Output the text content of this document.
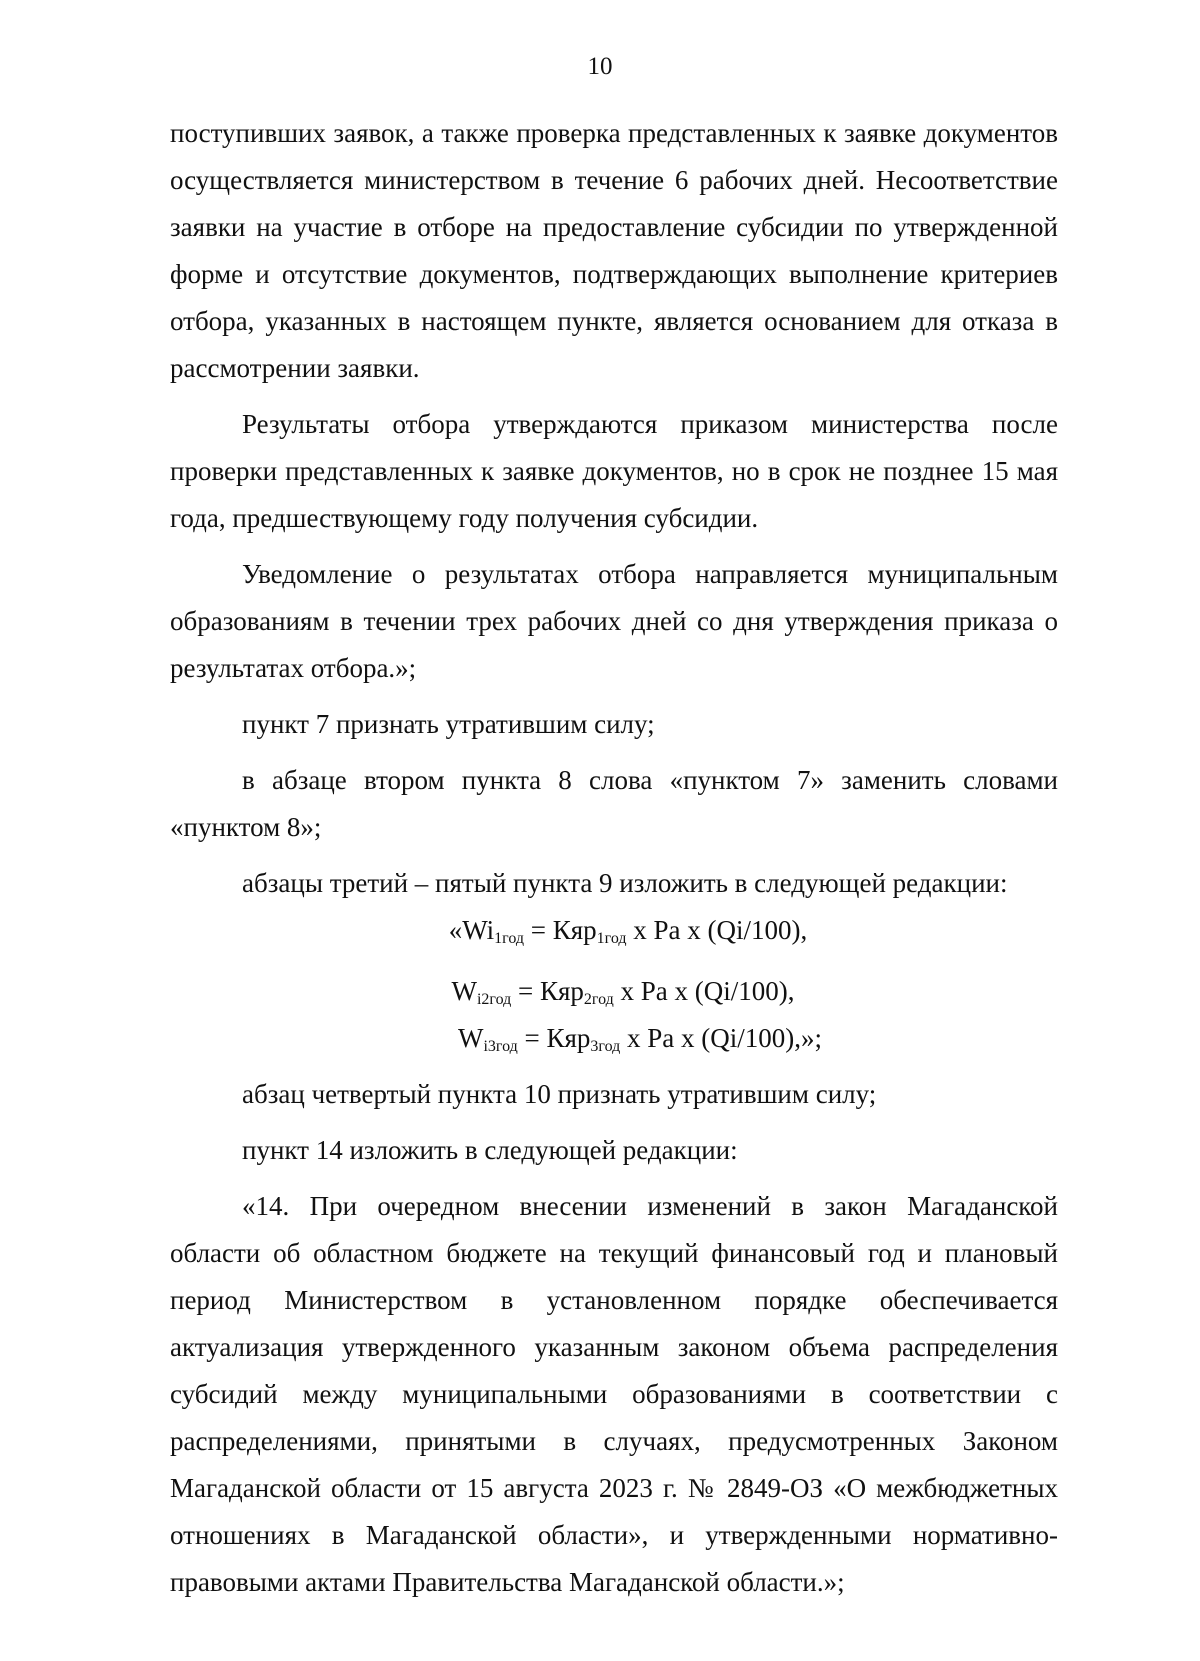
10

поступивших заявок, а также проверка представленных к заявке документов осуществляется министерством в течение 6 рабочих дней. Несоответствие заявки на участие в отборе на предоставление субсидии по утвержденной форме и отсутствие документов, подтверждающих выполнение критериев отбора, указанных в настоящем пункте, является основанием для отказа в рассмотрении заявки.

Результаты отбора утверждаются приказом министерства после проверки представленных к заявке документов, но в срок не позднее 15 мая года, предшествующему году получения субсидии.

Уведомление о результатах отбора направляется муниципальным образованиям в течении трех рабочих дней со дня утверждения приказа о результатах отбора.»;

пункт 7 признать утратившим силу;

в абзаце втором пункта 8 слова «пунктом 7» заменить словами «пунктом 8»;

абзацы третий – пятый пункта 9 изложить в следующей редакции:

«$Wi_{1год} = Кяр_{1год}$ х Ра х (Qi/100),

$W_{i2год} = Кяр_{2год}$ х Ра х (Qi/100),

$W_{i3год} = Кяр_{3год}$ х Ра х (Qi/100),»;

абзац четвертый пункта 10 признать утратившим силу;

пункт 14 изложить в следующей редакции:

«14. При очередном внесении изменений в закон Магаданской области об областном бюджете на текущий финансовый год и плановый период Министерством в установленном порядке обеспечивается актуализация утвержденного указанным законом объема распределения субсидий между муниципальными образованиями в соответствии с распределениями, принятыми в случаях, предусмотренных Законом Магаданской области от 15 августа 2023 г. № 2849-ОЗ «О межбюджетных отношениях в Магаданской области», и утвержденными нормативно-правовыми актами Правительства Магаданской области.»;
